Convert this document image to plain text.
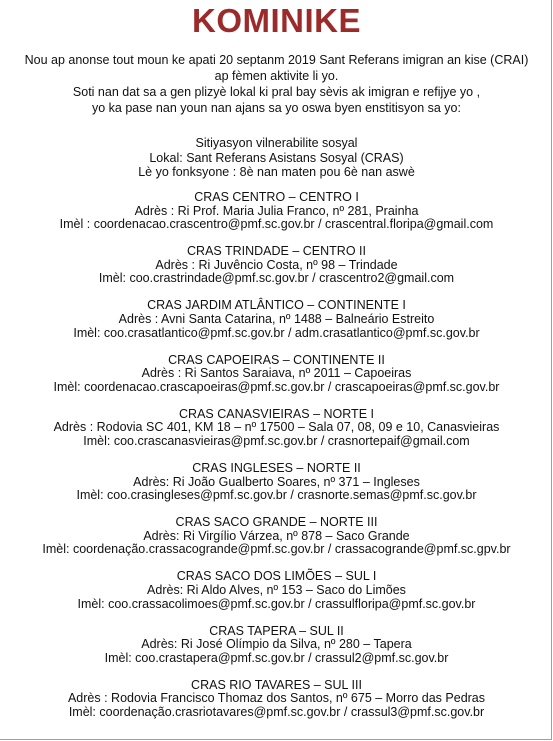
KOMINIKE
Nou ap anonse tout moun ke apati 20 septanm 2019 Sant Referans imigran an kise (CRAI)
ap fèmen aktivite li yo.
Soti nan dat sa a gen plizyè lokal ki pral bay sèvis ak imigran e refijye yo ,
yo ka pase nan youn nan ajans sa yo oswa byen enstitisyon sa yo:
Sitiyasyon vilnerabilite sosyal
Lokal: Sant Referans Asistans Sosyal (CRAS)
Lè yo fonksyone : 8è nan maten pou 6è nan aswè
CRAS CENTRO – CENTRO I
Adrès : Ri Prof. Maria Julia Franco, nº 281, Prainha
Imèl : coordenacao.crascentro@pmf.sc.gov.br / crascentral.floripa@gmail.com
CRAS TRINDADE – CENTRO II
Adrès : Ri Juvêncio Costa, nº 98 – Trindade
Imèl: coo.crastrindade@pmf.sc.gov.br / crascentro2@gmail.com
CRAS JARDIM ATLÂNTICO – CONTINENTE I
Adrès : Avni Santa Catarina, nº 1488 – Balneário Estreito
Imèl: coo.crasatlantico@pmf.sc.gov.br / adm.crasatlantico@pmf.sc.gov.br
CRAS CAPOEIRAS – CONTINENTE II
Adrès : Ri Santos Saraiava, nº 2011 – Capoeiras
Imèl: coordenacao.crascapoeiras@pmf.sc.gov.br / crascapoeiras@pmf.sc.gov.br
CRAS CANASVIEIRAS – NORTE I
Adrès : Rodovia SC 401, KM 18 – nº 17500 – Sala 07, 08, 09 e 10, Canasvieiras
Imèl: coo.crascanasvieiras@pmf.sc.gov.br / crasnortepaif@gmail.com
CRAS INGLESES – NORTE II
Adrès: Ri João Gualberto Soares, nº 371 – Ingleses
Imèl: coo.crasingleses@pmf.sc.gov.br / crasnorte.semas@pmf.sc.gov.br
CRAS SACO GRANDE – NORTE III
Adrès: Ri Virgílio Várzea, nº 878 – Saco Grande
Imèl: coordenação.crassacogrande@pmf.sc.gov.br / crassacogrande@pmf.sc.gpv.br
CRAS SACO DOS LIMÕES – SUL I
Adrès: Ri Aldo Alves, nº 153 – Saco do Limões
Imèl: coo.crassacolimoes@pmf.sc.gov.br / crassulfloripa@pmf.sc.gov.br
CRAS TAPERA – SUL II
Adrès: Ri José Olímpio da Silva, nº 280 – Tapera
Imèl: coo.crastapera@pmf.sc.gov.br / crassul2@pmf.sc.gov.br
CRAS RIO TAVARES – SUL III
Adrès : Rodovia Francisco Thomaz dos Santos, nº 675 – Morro das Pedras
Imèl: coordenação.crasriotavares@pmf.sc.gov.br / crassul3@pmf.sc.gov.br
